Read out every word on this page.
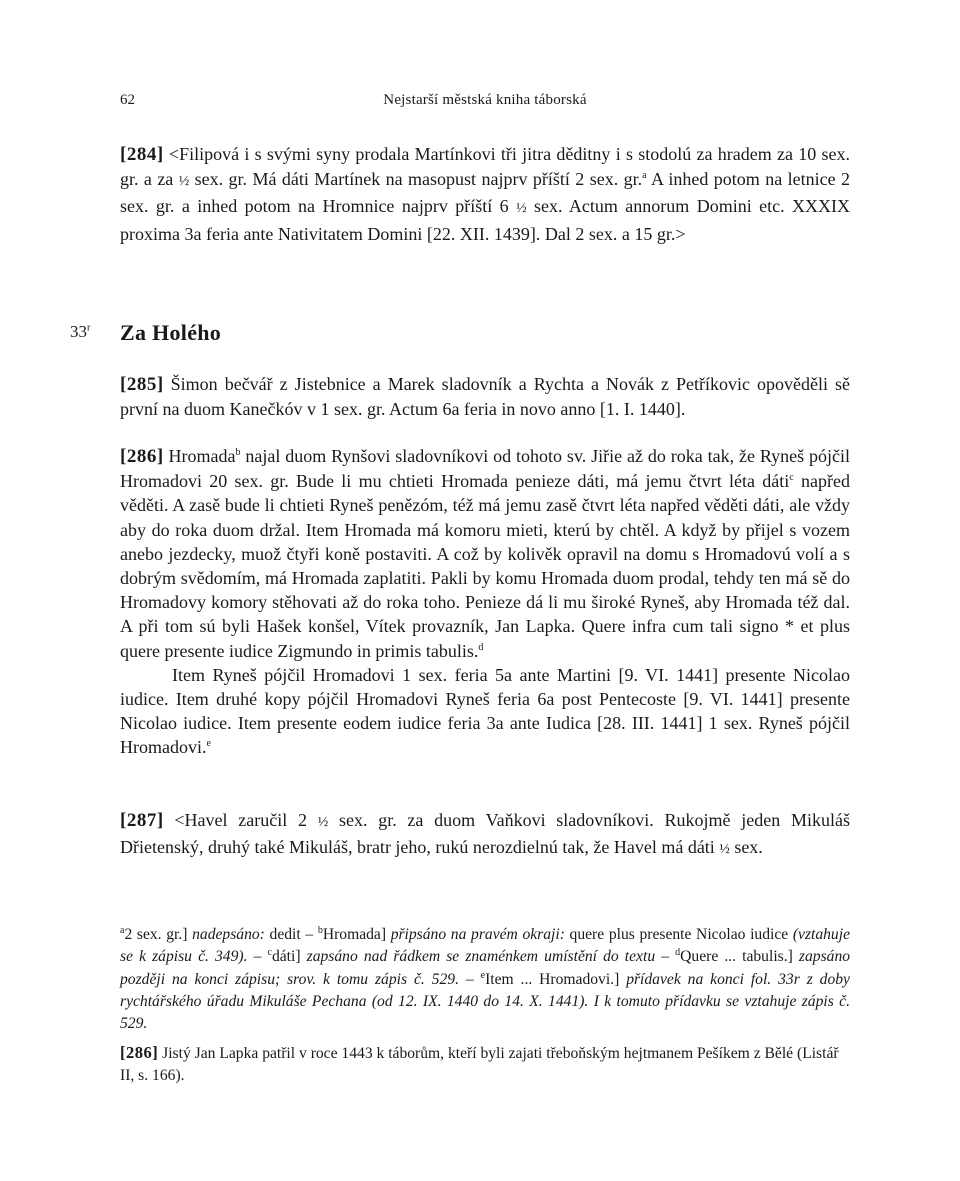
62	Nejstarší městská kniha táborská
[284] <Filipová i s svými syny prodala Martínkovi tři jitra děditny i s stodolú za hradem za 10 sex. gr. a za ½ sex. gr. Má dáti Martínek na masopust najprv příští 2 sex. gr.$^a$ A inhed potom na letnice 2 sex. gr. a inhed potom na Hromnice najprv příští 6 ½ sex. Actum annorum Domini etc. XXXIX proxima 3a feria ante Nativitatem Domini [22. XII. 1439]. Dal 2 sex. a 15 gr.>
$33^r$ Za Holého
[285] Šimon bečvář z Jistebnice a Marek sladovník a Rychta a Novák z Petříkovic opověděli sě první na duom Kanečkóv v 1 sex. gr. Actum 6a feria in novo anno [1. I. 1440].
[286] Hromada$^b$ najal duom Rynšovi sladovníkovi od tohoto sv. Jiřie až do roka tak, že Ryneš pójčil Hromadovi 20 sex. gr. Bude li mu chtieti Hromada penieze dáti, má jemu čtvrt léta dáti$^c$ napřed věděti. A zasě bude li chtieti Ryneš penězóm, též má jemu zasě čtvrt léta napřed věděti dáti, ale vždy aby do roka duom držal. Item Hromada má komoru mieti, kterú by chtěl. A když by přijel s vozem anebo jezdecky, muož čtyři koně postaviti. A což by kolivěk opravil na domu s Hromadovú volí a s dobrým svědomím, má Hromada zaplatiti. Pakli by komu Hromada duom prodal, tehdy ten má sě do Hromadovy komory stěhovati až do roka toho. Penieze dá li mu široké Ryneš, aby Hromada též dal. A při tom sú byli Hašek konšel, Vítek provazník, Jan Lapka. Quere infra cum tali signo * et plus quere presente iudice Zigmundo in primis tabulis.$^d$
Item Ryneš pójčil Hromadovi 1 sex. feria 5a ante Martini [9. VI. 1441] presente Nicolao iudice. Item druhé kopy pójčil Hromadovi Ryneš feria 6a post Pentecoste [9. VI. 1441] presente Nicolao iudice. Item presente eodem iudice feria 3a ante Iudica [28. III. 1441] 1 sex. Ryneš pójčil Hromadovi.$^e$
[287] <Havel zaručil 2 ½ sex. gr. za duom Vaňkovi sladovníkovi. Rukojmě jeden Mikuláš Dřietenský, druhý také Mikuláš, bratr jeho, rukú nerozdielnú tak, že Havel má dáti ½ sex.
$^a$2 sex. gr.] nadepsáno: dedit – $^b$Hromada] připsáno na pravém okraji: quere plus presente Nicolao iudice (vztahuje se k zápisu č. 349). – $^c$dáti] zapsáno nad řádkem se znaménkem umístění do textu – $^d$Quere ... tabulis.] zapsáno později na konci zápisu; srov. k tomu zápis č. 529. – $^e$Item ... Hromadovi.] přídavek na konci fol. 33r z doby rychtářského úřadu Mikuláše Pechana (od 12. IX. 1440 do 14. X. 1441). I k tomuto přídavku se vztahuje zápis č. 529.
[286] Jistý Jan Lapka patřil v roce 1443 k táborům, kteří byli zajati třeboňským hejtmanem Pešíkem z Bělé (Listář II, s. 166).
